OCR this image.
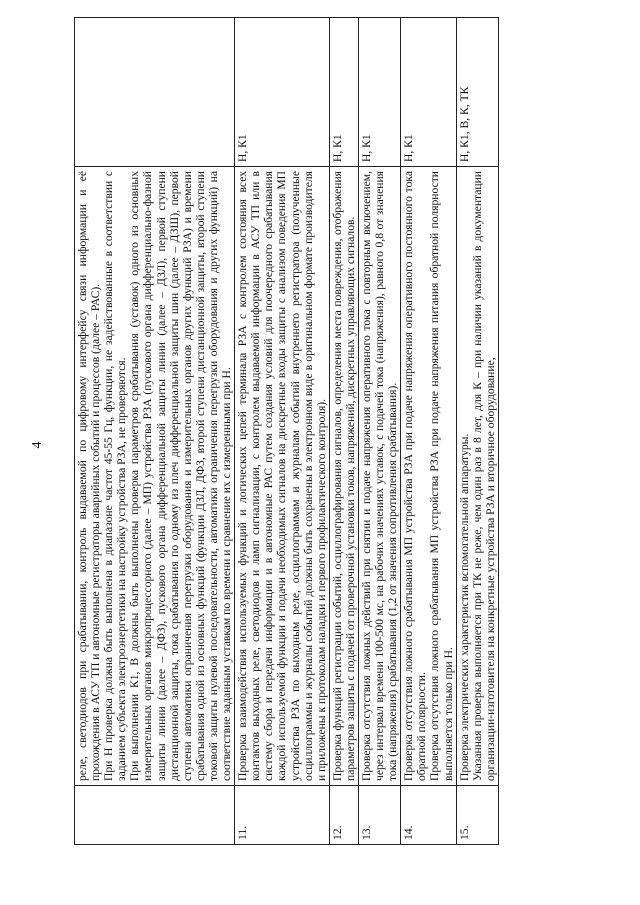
4

	реле, светодиодов при срабатывании, контроль выдаваемой по цифровому интерфейсу связи информации и её прохождения в АСУ ТП и автономные регистраторы аварийных событий и процессов (далее – РАС). При Н проверка должна быть выполнена в диапазоне частот 45-55 Гц, функции, не задействованные в соответствии с заданием субъекта электроэнергетики на настройку устройства РЗА, не проверяются. При выполнении К1, В должны быть выполнены проверка параметров срабатывания (уставок) одного из основных измерительных органов микропроцессорного (далее – МП) устройства РЗА (пускового органа дифференциально-фазной защиты линии (далее – ДФЗ), пускового органа дифференциальной защиты линии (далее – ДЗЛ), первой ступени дистанционной защиты, тока срабатывания по одному из плеч дифференциальной защиты шин (далее – ДЗШ), первой ступени автоматики ограничения перегрузки оборудования и измерительных органов других функций РЗА) и времени срабатывания одной из основных функций (функции ДЗЛ, ДФЗ, второй ступени дистанционной защиты, второй ступени токовой защиты нулевой последовательности, автоматики ограничения перегрузки оборудования и других функций) на соответствие заданным уставкам по времени и сравнение их с измеренными при Н.	

11.	Проверка взаимодействия используемых функций и логических цепей терминала РЗА с контролем состояния всех контактов выходных реле, светодиодов и ламп сигнализации, с контролем выдаваемой информации в АСУ ТП или в систему сбора и передачи информации и в автономные РАС путем создания условий для поочередного срабатывания каждой используемой функции и подачи необходимых сигналов на дискретные входы защиты с анализом поведения МП устройства РЗА по выходным реле, осциллограммам и журналам событий внутреннего регистратора (полученные осциллограммы и журналы событий должны быть сохранены в электронном виде в оригинальном формате производителя и приложены к протоколам наладки и первого профилактического контроля).	Н, К1
12.	Проверка функций регистрации событий, осциллографирования сигналов, определения места повреждения, отображения параметров защиты с подачей от проверочной установки токов, напряжений, дискретных управляющих сигналов.	Н, К1
13.	Проверка отсутствия ложных действий при снятии и подаче напряжения оперативного тока с повторным включением, через интервал времени 100-500 мс, на рабочих значениях уставок, с подачей тока (напряжения), равного 0,8 от значения тока (напряжения) срабатывания (1,2 от значения сопротивления срабатывания).	Н, К1
14.	Проверка отсутствия ложного срабатывания МП устройства РЗА при подаче напряжения оперативного постоянного тока обратной полярности. Проверка отсутствия ложного срабатывания МП устройства РЗА при подаче напряжения питания обратной полярности выполняется только при Н.	Н, К1
15.	Проверка электрических характеристик вспомогательной аппаратуры. Указанная проверка выполняется при ТК не реже, чем один раз в 8 лет, для К – при наличии указаний в документации организации-изготовителя на конкретные устройства РЗА и вторичное оборудование,	Н, К1, В, К, ТК
